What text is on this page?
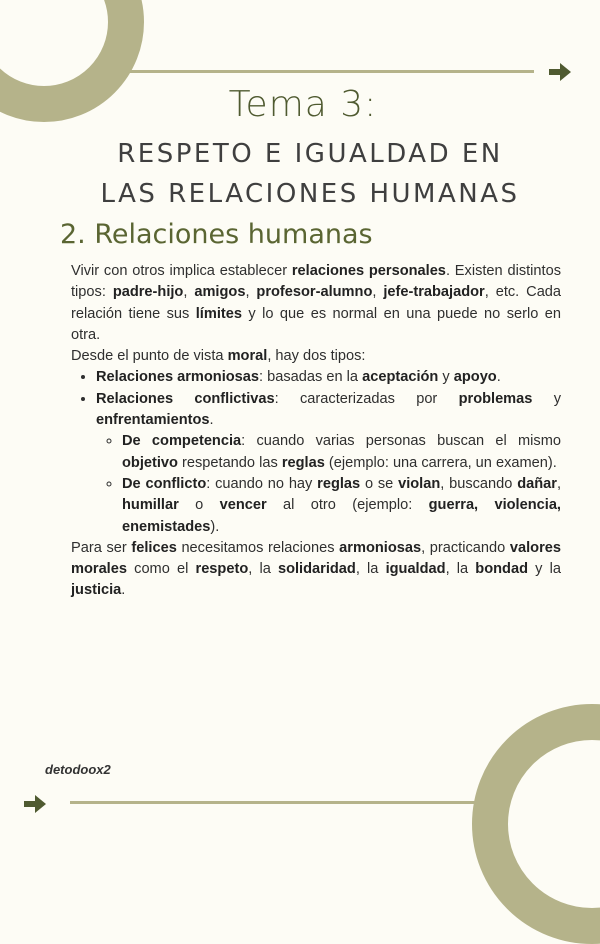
Tema 3:
RESPETO E IGUALDAD EN
LAS RELACIONES HUMANAS
2. Relaciones humanas

Vivir con otros implica establecer relaciones personales. Existen distintos tipos: padre-hijo, amigos, profesor-alumno, jefe-trabajador, etc. Cada relación tiene sus límites y lo que es normal en una puede no serlo en otra.

Desde el punto de vista moral, hay dos tipos:

• Relaciones armoniosas: basadas en la aceptación y apoyo.
• Relaciones conflictivas: caracterizadas por problemas y enfrentamientos.
◦ De competencia: cuando varias personas buscan el mismo objetivo respetando las reglas (ejemplo: una carrera, un examen).
◦ De conflicto: cuando no hay reglas o se violan, buscando dañar, humillar o vencer al otro (ejemplo: guerra, violencia, enemistades).

Para ser felices necesitamos relaciones armoniosas, practicando valores morales como el respeto, la solidaridad, la igualdad, la bondad y la justicia.

detodoox2
